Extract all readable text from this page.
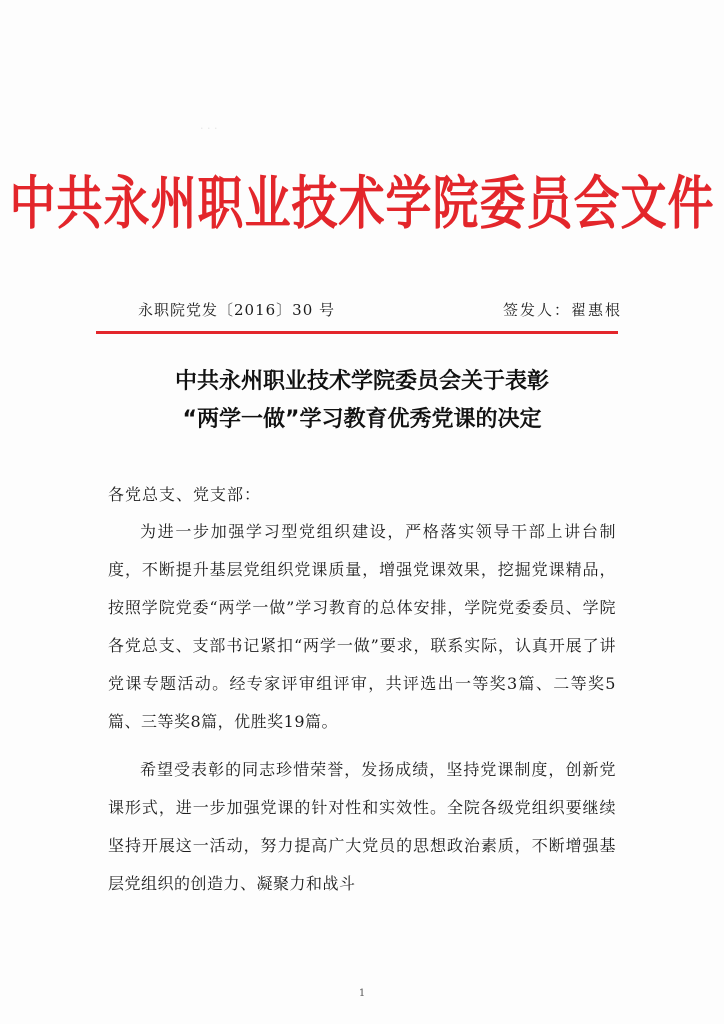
· · ·
中共永州职业技术学院委员会文件
永职院党发〔2016〕30 号	签发人：翟惠根
中共永州职业技术学院委员会关于表彰
“两学一做”学习教育优秀党课的决定
各党总支、党支部：

为进一步加强学习型党组织建设，严格落实领导干部上讲台制度，不断提升基层党组织党课质量，增强党课效果，挖掘党课精品，按照学院党委“两学一做”学习教育的总体安排，学院党委委员、学院各党总支、支部书记紧扣“两学一做”要求，联系实际，认真开展了讲党课专题活动。经专家评审组评审，共评选出一等奖3篇、二等奖5篇、三等奖8篇，优胜奖19篇。

希望受表彰的同志珍惜荣誉，发扬成绩，坚持党课制度，创新党课形式，进一步加强党课的针对性和实效性。全院各级党组织要继续坚持开展这一活动，努力提高广大党员的思想政治素质，不断增强基层党组织的创造力、凝聚力和战斗

1
